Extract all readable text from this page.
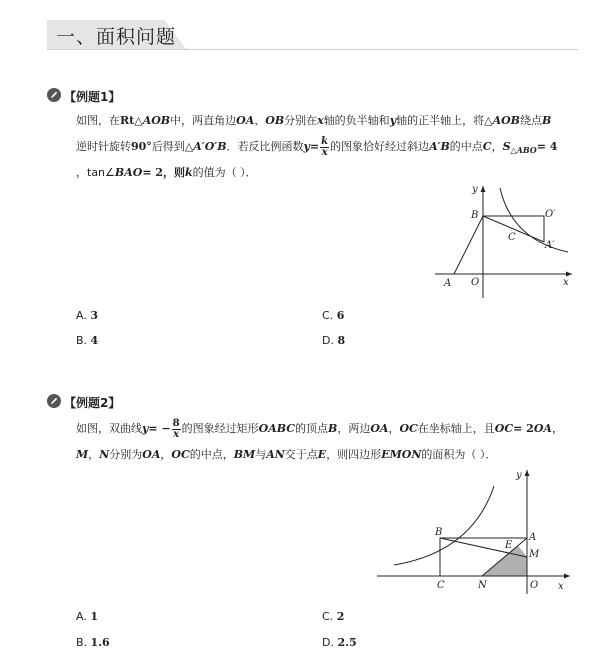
一、面积问题
【例题1】
如图，在Rt△AOB中，两直角边OA、OB分别在x轴的负半轴和y轴的正半轴上，将△AOB绕点B
逆时针旋转90°后得到△A′O′B．若反比例函数$y= \frac{k}{x}$ 的图象恰好经过斜边A′B的中点C，$S_{\triangle ABO}= 4$
，tan∠BAO= 2，则k的值为（ ）．
y
x
O
A
B
C
O′
A′
A. 3
B. 4
C. 6
D. 8
【例题2】
如图，双曲线$y= - \frac{8}{x}$ 的图象经过矩形OABC的顶点B，两边OA，OC在坐标轴上，且OC= 2OA，
M，N分别为OA，OC的中点，BM与AN交于点E，则四边形EMON的面积为（ ）．
y
x
O
B	A
E
M
C	N
A. 1
B. 1.6
C. 2
D. 2.5
